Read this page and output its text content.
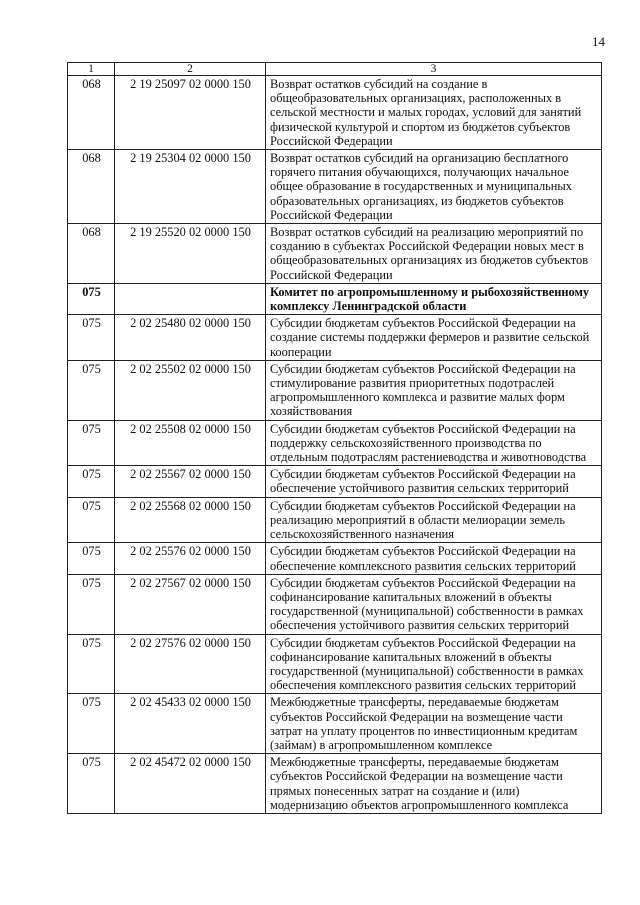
14
1	2	3
068	2 19 25097 02 0000 150	Возврат остатков субсидий на создание в общеобразовательных организациях, расположенных в сельской местности и малых городах, условий для занятий физической культурой и спортом из бюджетов субъектов Российской Федерации
068	2 19 25304 02 0000 150	Возврат остатков субсидий на организацию бесплатного горячего питания обучающихся, получающих начальное общее образование в государственных и муниципальных образовательных организациях, из бюджетов субъектов Российской Федерации
068	2 19 25520 02 0000 150	Возврат остатков субсидий на реализацию мероприятий по созданию в субъектах Российской Федерации новых мест в общеобразовательных организациях из бюджетов субъектов Российской Федерации
075		Комитет по агропромышленному и рыбохозяйственному комплексу Ленинградской области
075	2 02 25480 02 0000 150	Субсидии бюджетам субъектов Российской Федерации на создание системы поддержки фермеров и развитие сельской кооперации
075	2 02 25502 02 0000 150	Субсидии бюджетам субъектов Российской Федерации на стимулирование развития приоритетных подотраслей агропромышленного комплекса и развитие малых форм хозяйствования
075	2 02 25508 02 0000 150	Субсидии бюджетам субъектов Российской Федерации на поддержку сельскохозяйственного производства по отдельным подотраслям растениеводства и животноводства
075	2 02 25567 02 0000 150	Субсидии бюджетам субъектов Российской Федерации на обеспечение устойчивого развития сельских территорий
075	2 02 25568 02 0000 150	Субсидии бюджетам субъектов Российской Федерации на реализацию мероприятий в области мелиорации земель сельскохозяйственного назначения
075	2 02 25576 02 0000 150	Субсидии бюджетам субъектов Российской Федерации на обеспечение комплексного развития сельских территорий
075	2 02 27567 02 0000 150	Субсидии бюджетам субъектов Российской Федерации на софинансирование капитальных вложений в объекты государственной (муниципальной) собственности в рамках обеспечения устойчивого развития сельских территорий
075	2 02 27576 02 0000 150	Субсидии бюджетам субъектов Российской Федерации на софинансирование капитальных вложений в объекты государственной (муниципальной) собственности в рамках обеспечения комплексного развития сельских территорий
075	2 02 45433 02 0000 150	Межбюджетные трансферты, передаваемые бюджетам субъектов Российской Федерации на возмещение части затрат на уплату процентов по инвестиционным кредитам (займам) в агропромышленном комплексе
075	2 02 45472 02 0000 150	Межбюджетные трансферты, передаваемые бюджетам субъектов Российской Федерации на возмещение части прямых понесенных затрат на создание и (или) модернизацию объектов агропромышленного комплекса
